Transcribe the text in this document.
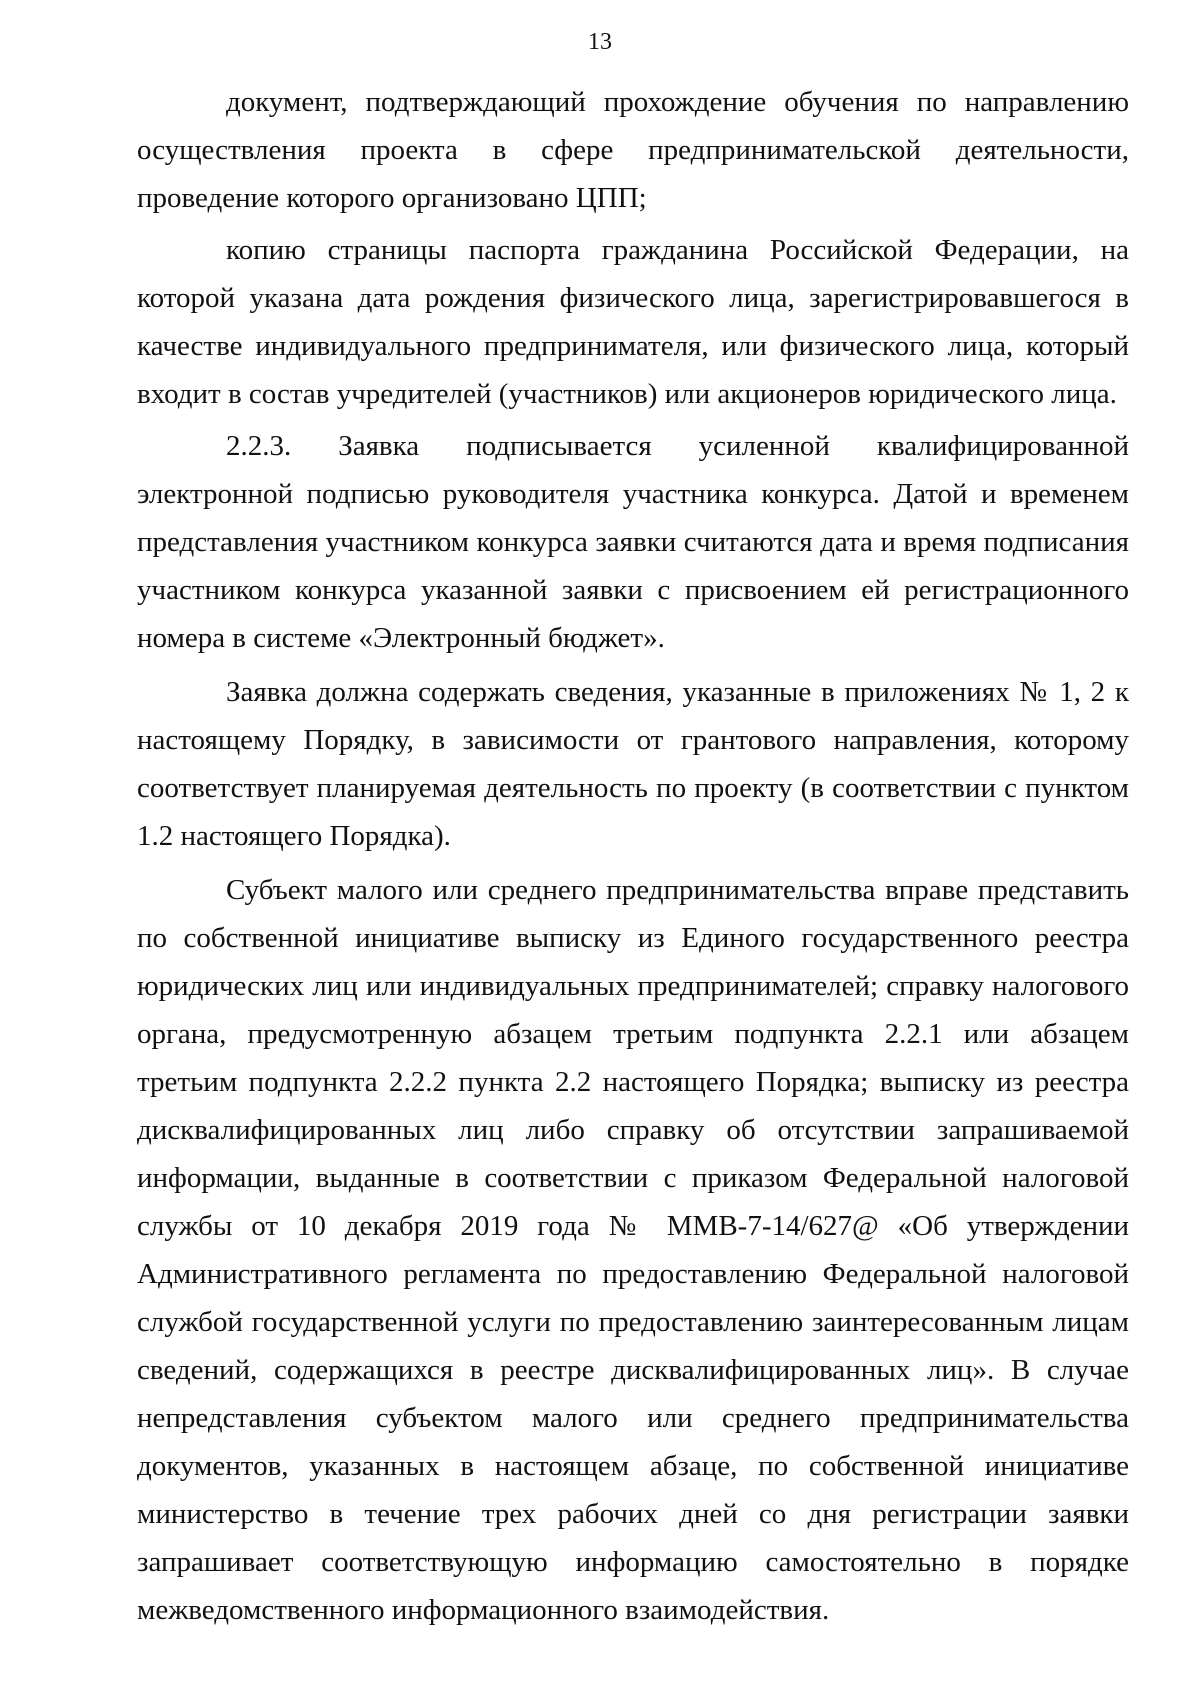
13

документ, подтверждающий прохождение обучения по направлению осуществления проекта в сфере предпринимательской деятельности, проведение которого организовано ЦПП;

копию страницы паспорта гражданина Российской Федерации, на которой указана дата рождения физического лица, зарегистрировавшегося в качестве индивидуального предпринимателя, или физического лица, который входит в состав учредителей (участников) или акционеров юридического лица.

2.2.3. Заявка подписывается усиленной квалифицированной электронной подписью руководителя участника конкурса. Датой и временем представления участником конкурса заявки считаются дата и время подписания участником конкурса указанной заявки с присвоением ей регистрационного номера в системе «Электронный бюджет».

Заявка должна содержать сведения, указанные в приложениях № 1, 2 к настоящему Порядку, в зависимости от грантового направления, которому соответствует планируемая деятельность по проекту (в соответствии с пунктом 1.2 настоящего Порядка).

Субъект малого или среднего предпринимательства вправе представить по собственной инициативе выписку из Единого государственного реестра юридических лиц или индивидуальных предпринимателей; справку налогового органа, предусмотренную абзацем третьим подпункта 2.2.1 или абзацем третьим подпункта 2.2.2 пункта 2.2 настоящего Порядка; выписку из реестра дисквалифицированных лиц либо справку об отсутствии запрашиваемой информации, выданные в соответствии с приказом Федеральной налоговой службы от 10 декабря 2019 года № ММВ-7-14/627@ «Об утверждении Административного регламента по предоставлению Федеральной налоговой службой государственной услуги по предоставлению заинтересованным лицам сведений, содержащихся в реестре дисквалифицированных лиц». В случае непредставления субъектом малого или среднего предпринимательства документов, указанных в настоящем абзаце, по собственной инициативе министерство в течение трех рабочих дней со дня регистрации заявки запрашивает соответствующую информацию самостоятельно в порядке межведомственного информационного взаимодействия.
